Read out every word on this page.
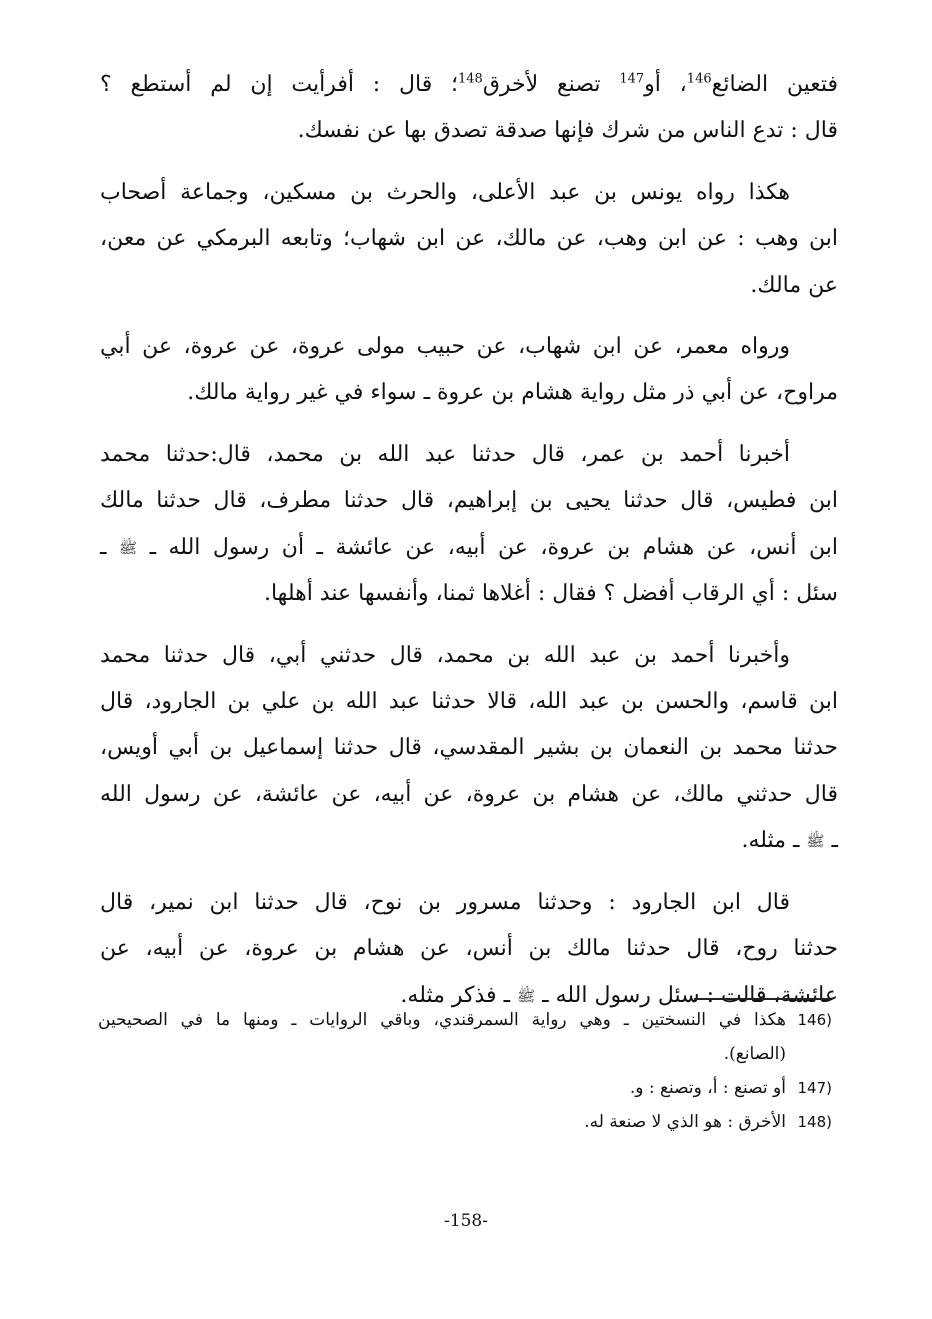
فتعين الضائع$^{146}$، أو$^{147}$ تصنع لأخرق$^{148}$؛ قال : أفرأيت إن لم أستطع ؟
قال : تدع الناس من شرك فإنها صدقة تصدق بها عن نفسك.
هكذا رواه يونس بن عبد الأعلى، والحرث بن مسكين، وجماعة أصحاب
ابن وهب : عن ابن وهب، عن مالك، عن ابن شهاب؛ وتابعه البرمكي عن معن،
عن مالك.
ورواه معمر، عن ابن شهاب، عن حبيب مولى عروة، عن عروة، عن أبي
مراوح، عن أبي ذر مثل رواية هشام بن عروة ـ سواء في غير رواية مالك.
أخبرنا أحمد بن عمر، قال حدثنا عبد الله بن محمد، قال:حدثنا محمد
ابن فطيس، قال حدثنا يحيى بن إبراهيم، قال حدثنا مطرف، قال حدثنا مالك
ابن أنس، عن هشام بن عروة، عن أبيه، عن عائشة ـ أن رسول الله ـ ﷺ ـ
سئل : أي الرقاب أفضل ؟ فقال : أغلاها ثمنا، وأنفسها عند أهلها.
وأخبرنا أحمد بن عبد الله بن محمد، قال حدثني أبي، قال حدثنا محمد
ابن قاسم، والحسن بن عبد الله، قالا حدثنا عبد الله بن علي بن الجارود، قال
حدثنا محمد بن النعمان بن بشير المقدسي، قال حدثنا إسماعيل بن أبي أويس،
قال حدثني مالك، عن هشام بن عروة، عن أبيه، عن عائشة، عن رسول الله
ـ ﷺ ـ مثله.
قال ابن الجارود : وحدثنا مسرور بن نوح، قال حدثنا ابن نمير، قال
حدثنا روح، قال حدثنا مالك بن أنس، عن هشام بن عروة، عن أبيه، عن
عائشة، قالت : سئل رسول الله ـ ﷺ ـ فذكر مثله.
146)
هكذا في النسختين ـ وهي رواية السمرقندي، وباقي الروايات ـ ومنها ما في الصحيحين
(الصانع).
147)
أو تصنع : أ، وتصنع : و.
148)
الأخرق : هو الذي لا صنعة له.
-158-
